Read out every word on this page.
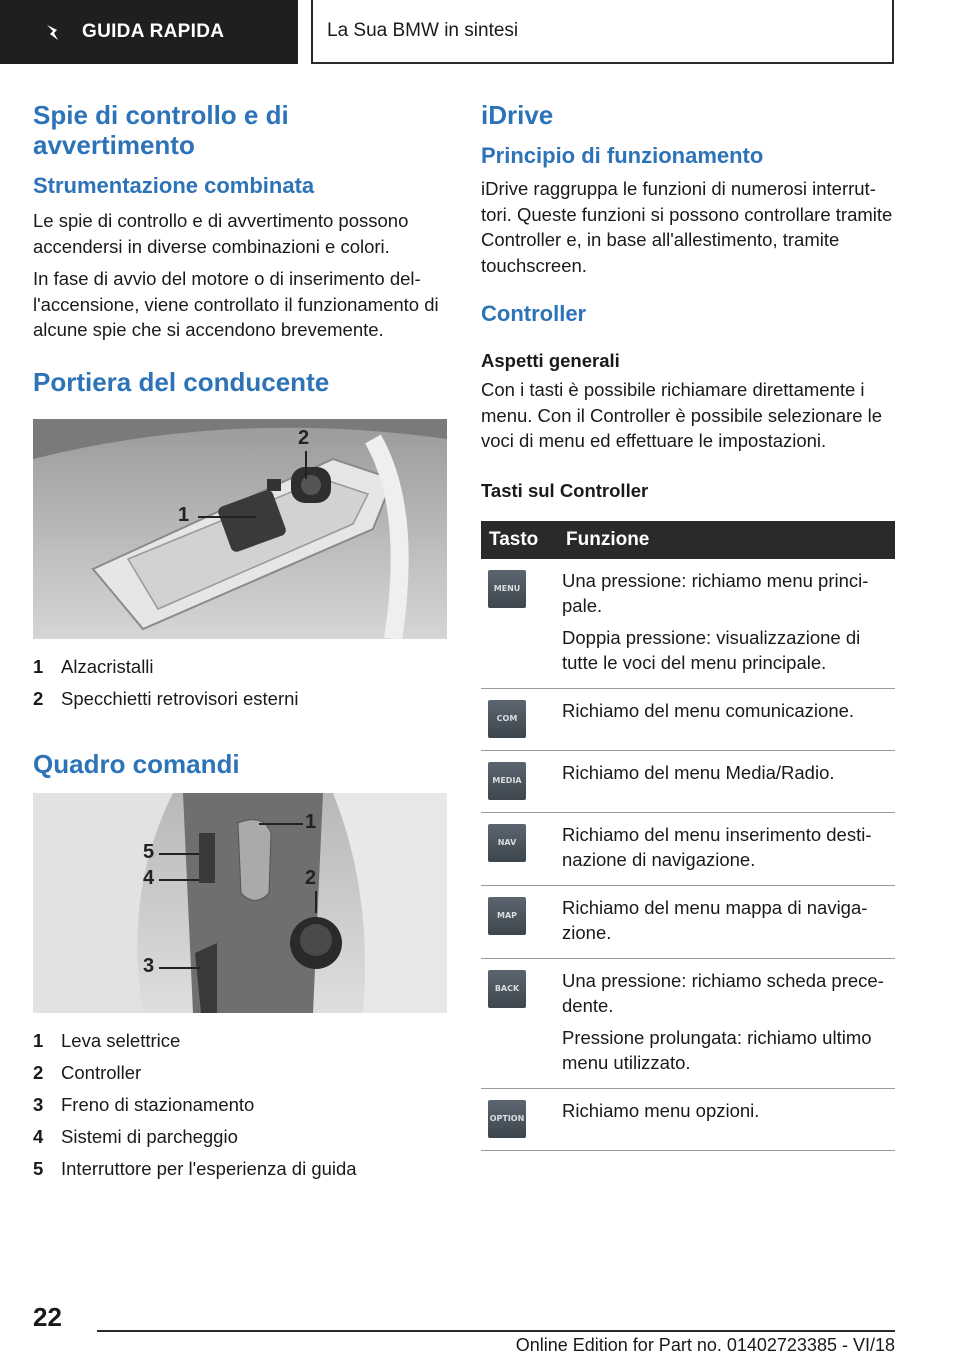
GUIDA RAPIDA	La Sua BMW in sintesi
Spie di controllo e di avvertimento
Strumentazione combinata

Le spie di controllo e di avvertimento possono accendersi in diverse combinazioni e colori.

In fase di avvio del motore o di inserimento dell'accensione, viene controllato il funzionamento di alcune spie che si accendono brevemente.

Portiera del conducente
1
2
1 Alzacristalli
2 Specchietti retrovisori esterni
Quadro comandi
5
4
1
2
3
1 Leva selettrice
2 Controller
3 Freno di stazionamento
4 Sistemi di parcheggio
5 Interruttore per l'esperienza di guida
iDrive
Principio di funzionamento

iDrive raggruppa le funzioni di numerosi interruttori. Queste funzioni si possono controllare tramite Controller e, in base all'allestimento, tramite touchscreen.

Controller
Aspetti generali

Con i tasti è possibile richiamare direttamente i menu. Con il Controller è possibile selezionare le voci di menu ed effettuare le impostazioni.

Tasti sul Controller
Tasto	Funzione

MENU	Una pressione: richiamo menu principale.
Doppia pressione: visualizzazione di tutte le voci del menu principale.

COM	Richiamo del menu comunicazione.

MEDIA	Richiamo del menu Media/Radio.

NAV	Richiamo del menu inserimento destinazione di navigazione.

MAP	Richiamo del menu mappa di navigazione.

BACK	Una pressione: richiamo scheda precedente.
Pressione prolungata: richiamo ultimo menu utilizzato.

OPTION	Richiamo menu opzioni.
22
Online Edition for Part no. 01402723385 - VI/18
